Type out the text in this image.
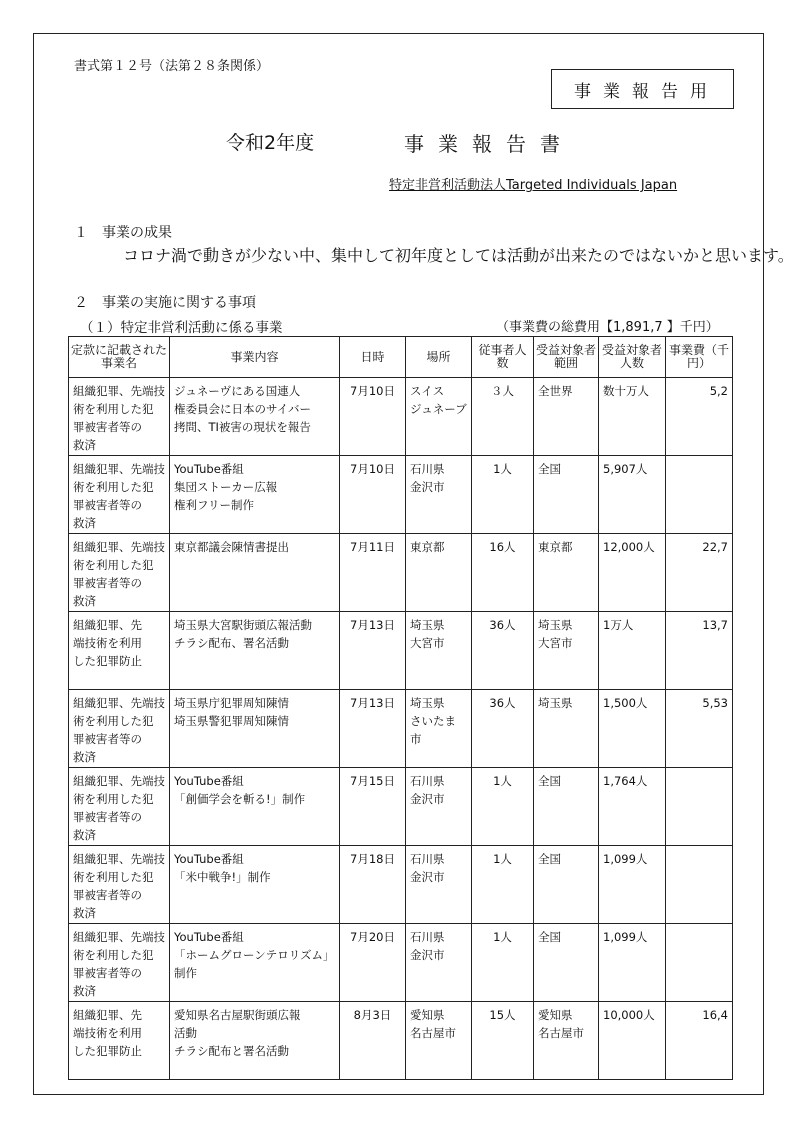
書式第１２号（法第２８条関係）
事業報告用
令和2年度	事業報告書
特定非営利活動法人Targeted Individuals Japan
１　事業の成果
コロナ渦で動きが少ない中、集中して初年度としては活動が出来たのではないかと思います。
２　事業の実施に関する事項
（１）特定非営利活動に係る事業	（事業費の総費用【1,891,7 】千円）
定款に記載された事業名	事業内容	日時	場所	従事者人数	受益対象者範囲	受益対象者人数	事業費（千円）

組織犯罪、先端技
術を利用した犯
罪被害者等の
救済	ジュネーヴにある国連人
権委員会に日本のサイバー
拷問、TI被害の現状を報告	7月10日	スイス
ジュネーブ	３人	全世界	数十万人	5,2

組織犯罪、先端技
術を利用した犯
罪被害者等の
救済	YouTube番組
集団ストーカー広報
権利フリー制作	7月10日	石川県
金沢市	1人	全国	5,907人	

組織犯罪、先端技
術を利用した犯
罪被害者等の
救済	東京都議会陳情書提出	7月11日	東京都	16人	東京都	12,000人	22,7

組織犯罪、先
端技術を利用
した犯罪防止	埼玉県大宮駅街頭広報活動
チラシ配布、署名活動	7月13日	埼玉県
大宮市	36人	埼玉県
大宮市	1万人	13,7

組織犯罪、先端技
術を利用した犯
罪被害者等の
救済	埼玉県庁犯罪周知陳情
埼玉県警犯罪周知陳情	7月13日	埼玉県
さいたま市	36人	埼玉県	1,500人	5,53

組織犯罪、先端技
術を利用した犯
罪被害者等の
救済	YouTube番組
「創価学会を斬る!」制作	7月15日	石川県
金沢市	1人	全国	1,764人	

組織犯罪、先端技
術を利用した犯
罪被害者等の
救済	YouTube番組
「米中戦争!」制作	7月18日	石川県
金沢市	1人	全国	1,099人	

組織犯罪、先端技
術を利用した犯
罪被害者等の
救済	YouTube番組
「ホームグローンテロリズム」
制作	7月20日	石川県
金沢市	1人	全国	1,099人	

組織犯罪、先
端技術を利用
した犯罪防止	愛知県名古屋駅街頭広報
活動
チラシ配布と署名活動	8月3日	愛知県
名古屋市	15人	愛知県
名古屋市	10,000人	16,4
